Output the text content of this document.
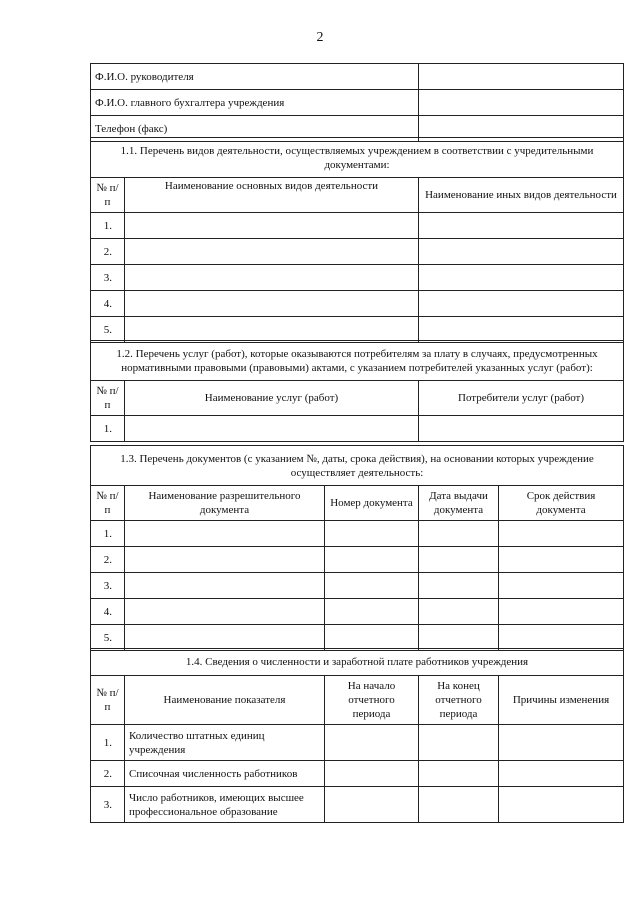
2
Ф.И.О. руководителя	
Ф.И.О. главного бухгалтера учреждения	
Телефон (факс)	
1.1. Перечень видов деятельности, осуществляемых учреждением в соответствии с учредительными документами:		
№ п/п	Наименование основных видов деятельности	Наименование иных видов деятельности
1.		
2.		
3.		
4.		
5.		
1.2. Перечень услуг (работ), которые оказываются потребителям за плату в случаях, предусмотренных нормативными правовыми (правовыми) актами, с указанием потребителей указанных услуг (работ):		
№ п/п	Наименование услуг (работ)	Потребители услуг (работ)
1.		
1.3. Перечень документов (с указанием №, даты, срока действия), на основании которых учреждение осуществляет деятельность:				
№ п/п	Наименование разрешительного документа	Номер документа	Дата выдачи документа	Срок действия документа
1.				
2.				
3.				
4.				
5.				
1.4. Сведения о численности и заработной плате работников учреждения				
№ п/п	Наименование показателя	На начало отчетного периода	На конец отчетного периода	Причины изменения
1.	Количество штатных единиц учреждения			
2.	Списочная численность работников			
3.	Число работников, имеющих высшее профессиональное образование			
